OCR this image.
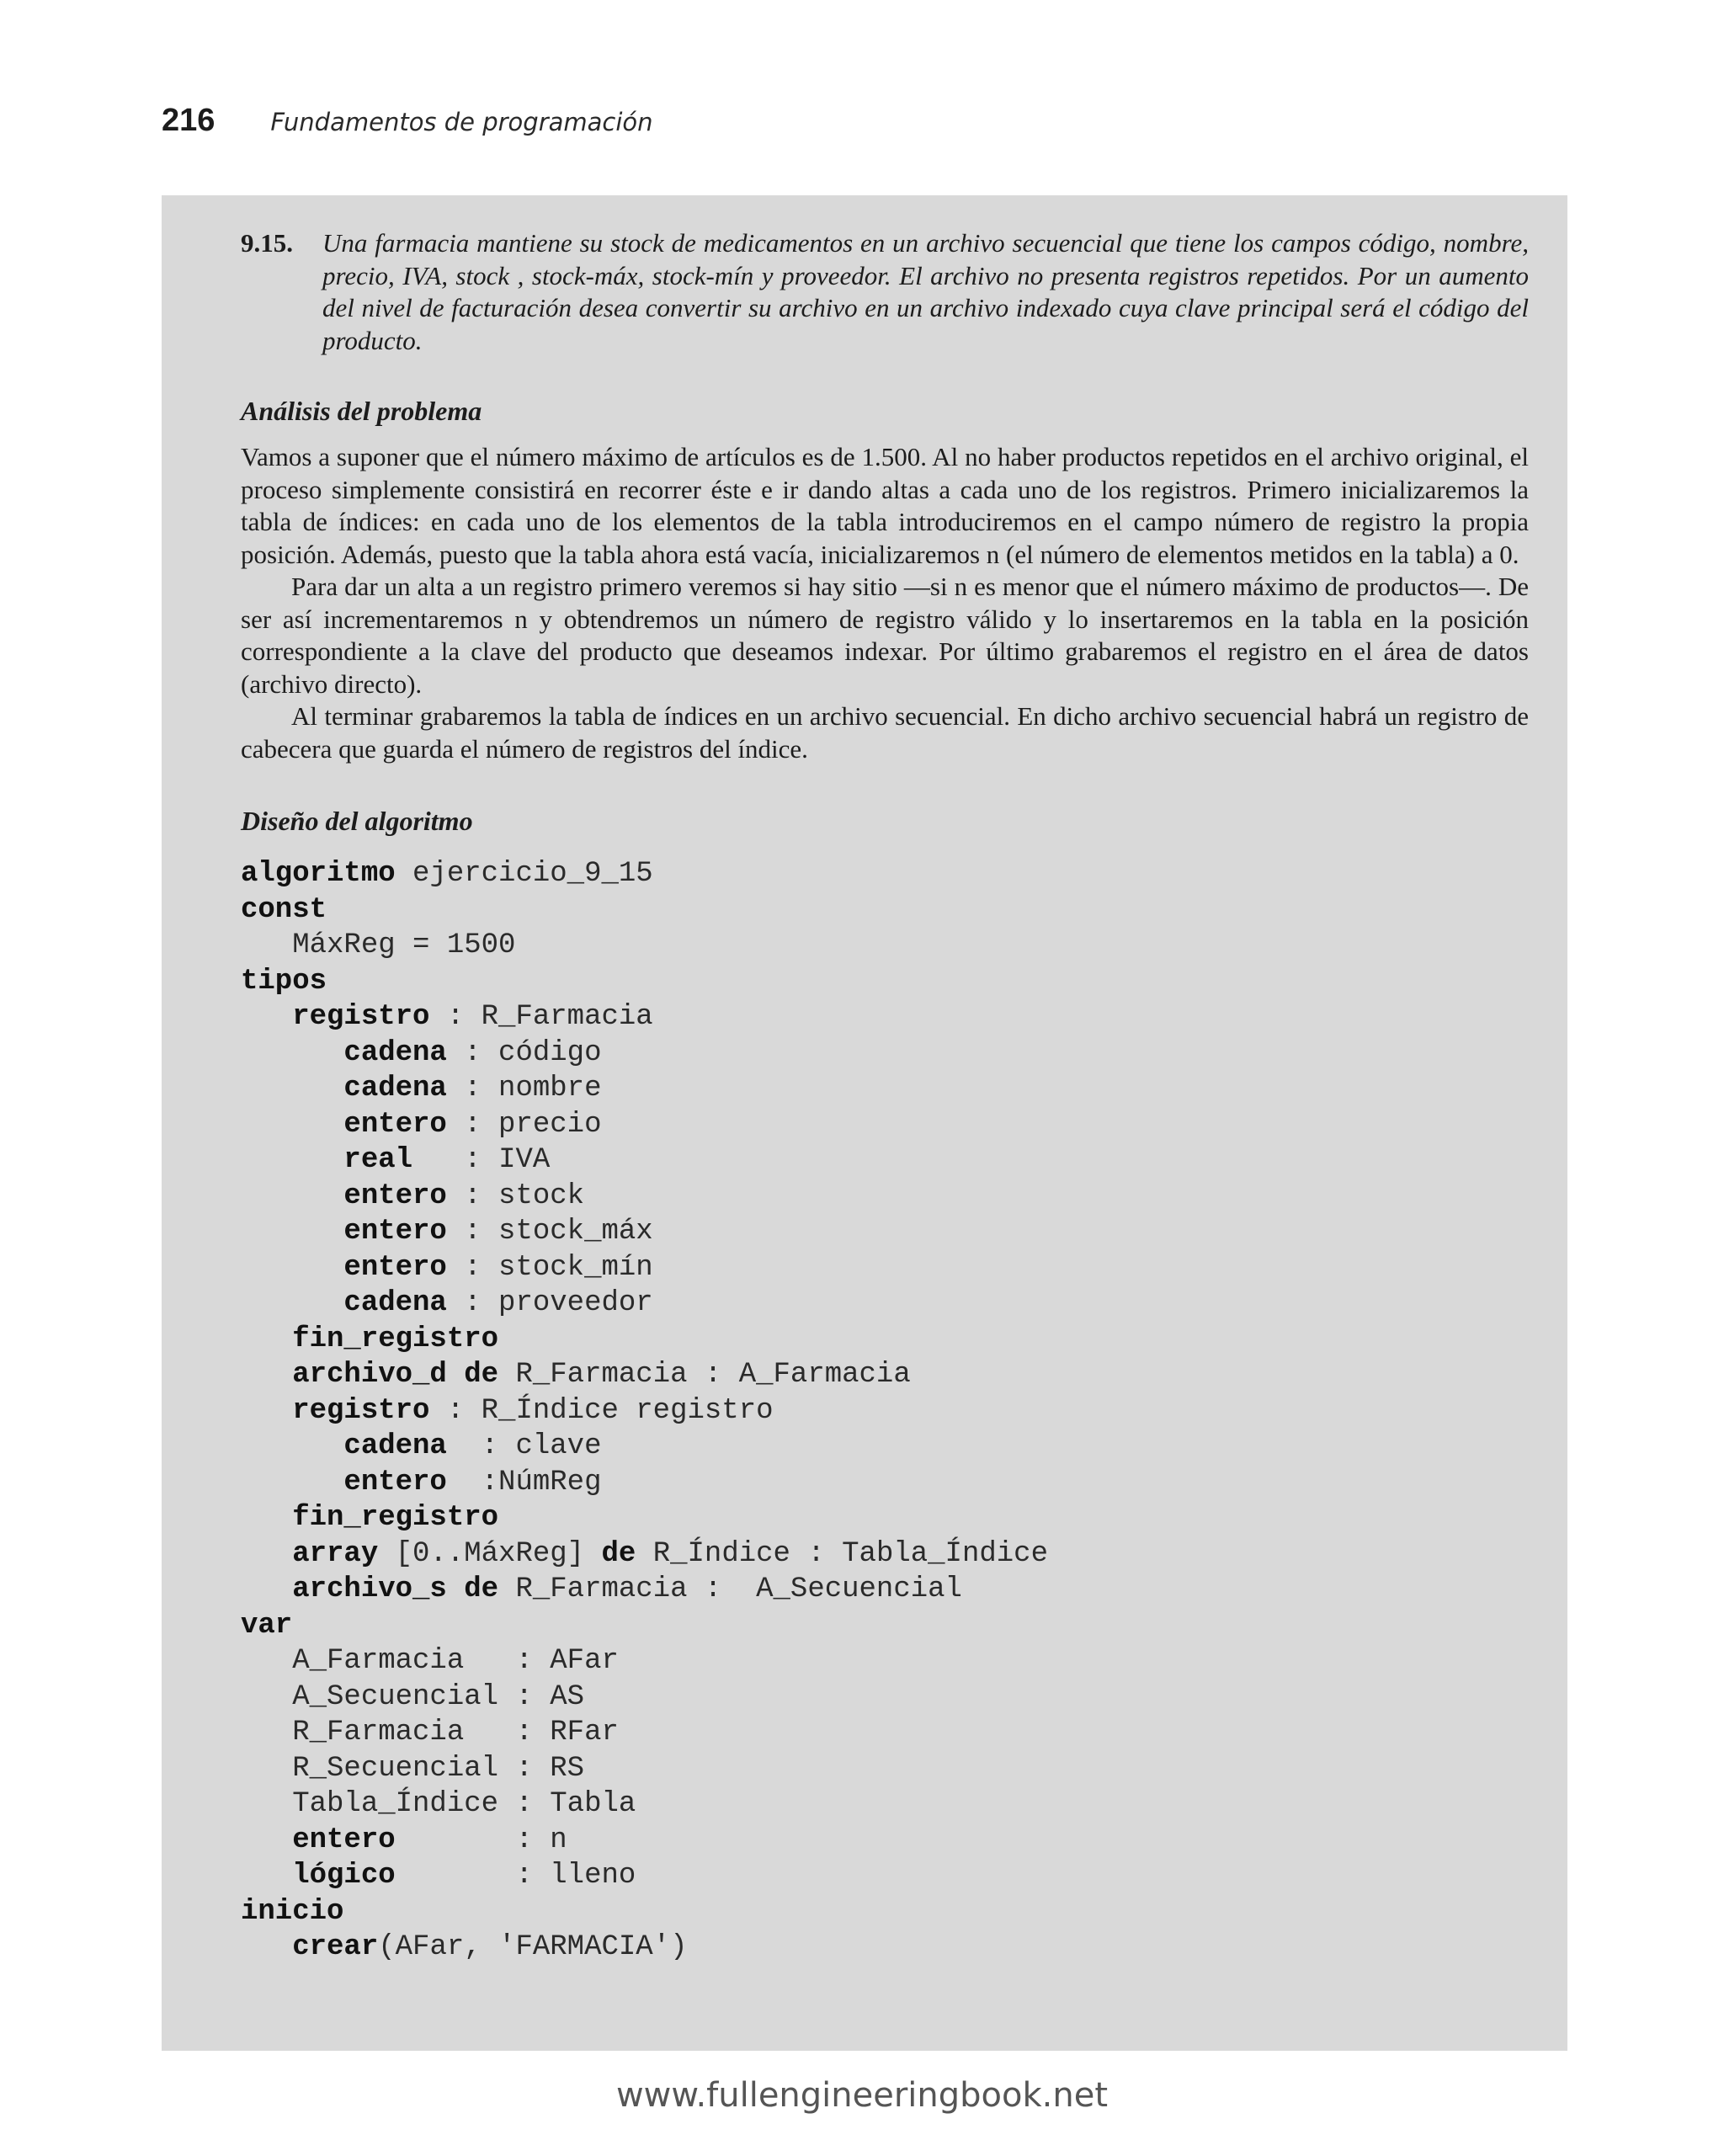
216 Fundamentos de programación
9.15.	Una farmacia mantiene su stock de medicamentos en un archivo secuencial que tiene los campos código, nombre, precio, IVA, stock , stock-máx, stock-mín y proveedor. El archivo no presenta registros repetidos. Por un aumento del nivel de facturación desea convertir su archivo en un archivo indexado cuya clave principal será el código del producto.
Análisis del problema

Vamos a suponer que el número máximo de artículos es de 1.500. Al no haber productos repetidos en el archivo original, el proceso simplemente consistirá en recorrer éste e ir dando altas a cada uno de los registros. Primero inicializaremos la tabla de índices: en cada uno de los elementos de la tabla introduciremos en el campo número de registro la propia posición. Además, puesto que la tabla ahora está vacía, inicializaremos n (el número de elementos metidos en la tabla) a 0.

Para dar un alta a un registro primero veremos si hay sitio —si n es menor que el número máximo de productos—. De ser así incrementaremos n y obtendremos un número de registro válido y lo insertaremos en la tabla en la posición correspondiente a la clave del producto que deseamos indexar. Por último grabaremos el registro en el área de datos (archivo directo).

Al terminar grabaremos la tabla de índices en un archivo secuencial. En dicho archivo secuencial habrá un registro de cabecera que guarda el número de registros del índice.

Diseño del algoritmo
algoritmo ejercicio_9_15
const
MáxReg = 1500
tipos
registro : R_Farmacia
cadena : código
cadena : nombre
entero : precio
real   : IVA
entero : stock
entero : stock_máx
entero : stock_mín
cadena : proveedor
fin_registro
archivo_d de R_Farmacia : A_Farmacia
registro : R_Índice registro
cadena  : clave
entero  :NúmReg
fin_registro
array [0..MáxReg] de R_Índice : Tabla_Índice
archivo_s de R_Farmacia :  A_Secuencial
var
A_Farmacia   : AFar
A_Secuencial : AS
R_Farmacia   : RFar
R_Secuencial : RS
Tabla_Índice : Tabla
entero       : n
lógico       : lleno
inicio
crear(AFar, 'FARMACIA')
www.fullengineeringbook.net
